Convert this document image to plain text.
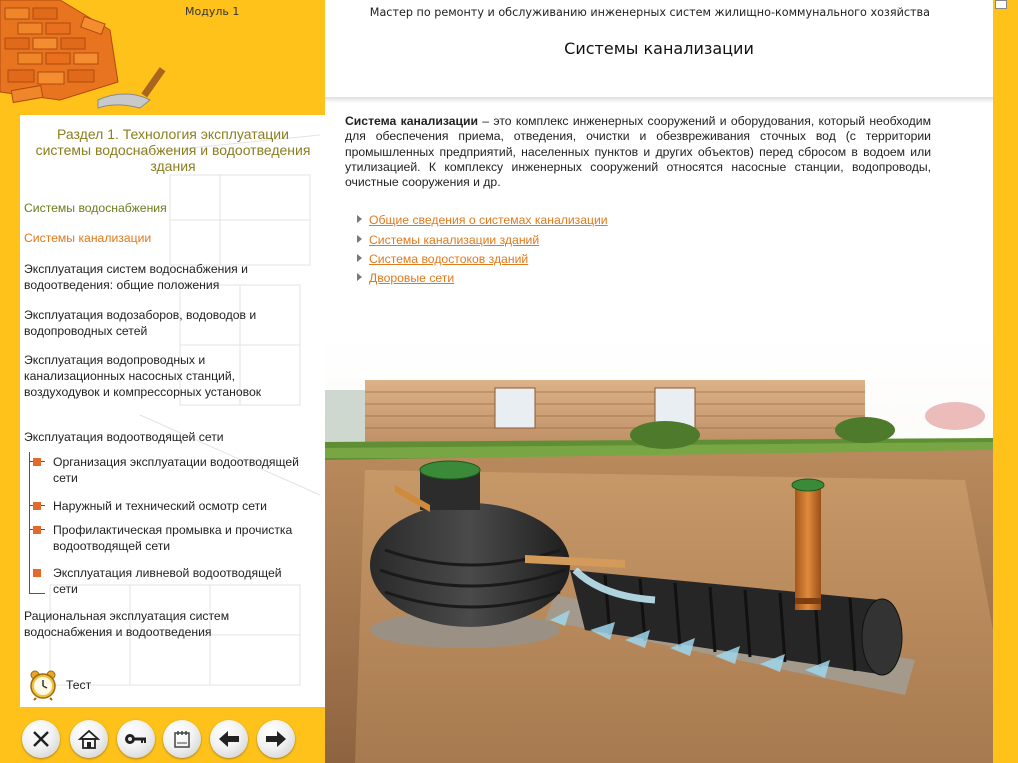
Модуль 1
Раздел 1. Технология эксплуатации системы водоснабжения и водоотведения здания
Системы водоснабжения
Системы канализации
Эксплуатация систем водоснабжения и водоотведения: общие положения
Эксплуатация водозаборов, водоводов и водопроводных сетей
Эксплуатация водопроводных и канализационных насосных станций, воздуходувок и компрессорных установок
Эксплуатация водоотводящей сети
Организация эксплуатации водоотводящей сети
Наружный и технический осмотр сети
Профилактическая промывка и прочистка водоотводящей сети
Эксплуатация ливневой водоотводящей сети
Рациональная эксплуатация систем водоснабжения и водоотведения
Тест
Мастер по ремонту и обслуживанию инженерных систем жилищно-коммунального хозяйства
Системы канализации

Система канализации – это комплекс инженерных сооружений и оборудования, который необходим для обеспечения приема, отведения, очистки и обезвреживания сточных вод (с территории промышленных предприятий, населенных пунктов и других объектов) перед сбросом в водоем или утилизацией. К комплексу инженерных сооружений относятся насосные станции, водопроводы, очистные сооружения и др.

Общие сведения о системах канализации
Системы канализации зданий
Система водостоков зданий
Дворовые сети
